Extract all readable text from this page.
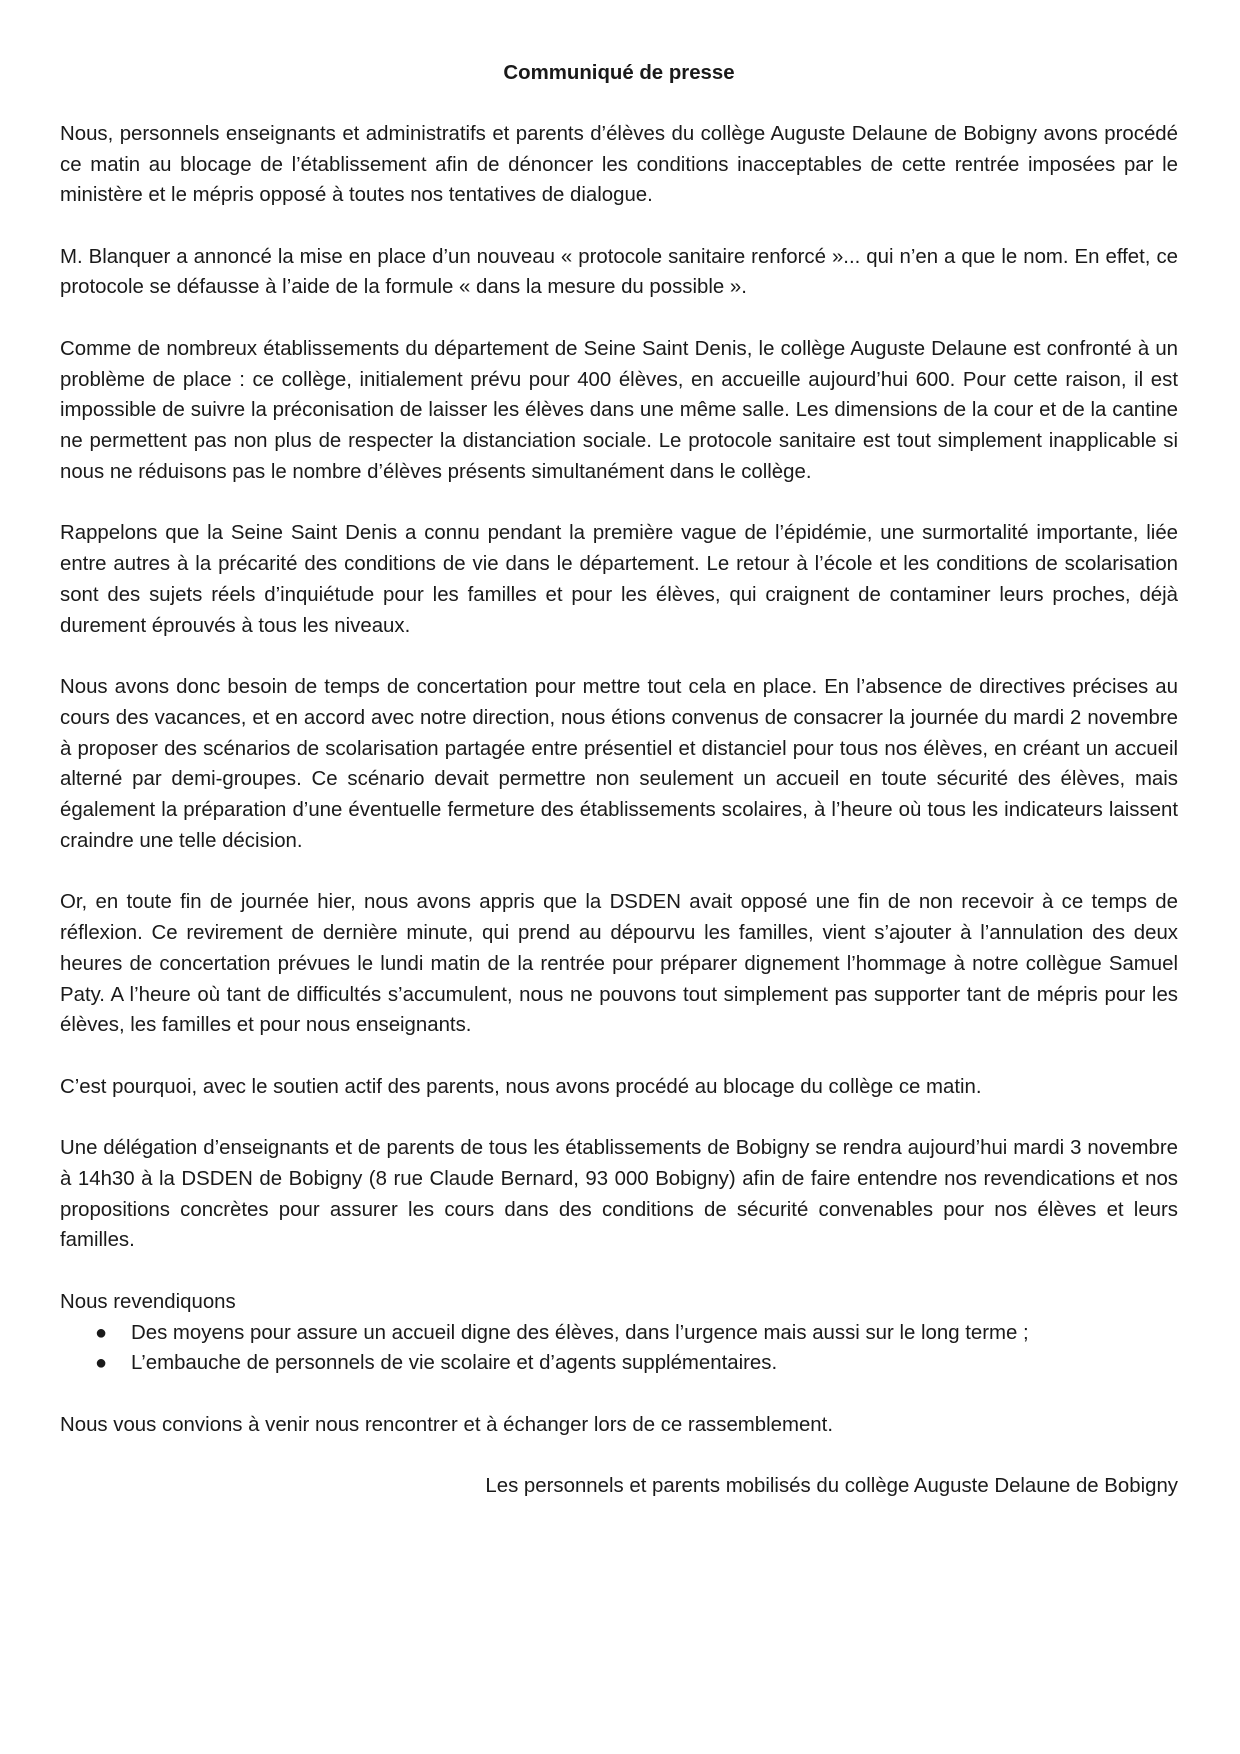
Communiqué de presse

Nous, personnels enseignants et administratifs et parents d’élèves du collège Auguste Delaune de Bobigny avons procédé ce matin au blocage de l’établissement afin de dénoncer les conditions inacceptables de cette rentrée imposées par le ministère et le mépris opposé à toutes nos tentatives de dialogue.

M. Blanquer a annoncé la mise en place d’un nouveau « protocole sanitaire renforcé »... qui n’en a que le nom. En effet, ce protocole se défausse à l’aide de la formule « dans la mesure du possible ».

Comme de nombreux établissements du département de Seine Saint Denis, le collège Auguste Delaune est confronté à un problème de place : ce collège, initialement prévu pour 400 élèves, en accueille aujourd’hui 600. Pour cette raison, il est impossible de suivre la préconisation de laisser les élèves dans une même salle. Les dimensions de la cour et de la cantine ne permettent pas non plus de respecter la distanciation sociale. Le protocole sanitaire est tout simplement inapplicable si nous ne réduisons pas le nombre d’élèves présents simultanément dans le collège.

Rappelons que la Seine Saint Denis a connu pendant la première vague de l’épidémie, une surmortalité importante, liée entre autres à la précarité des conditions de vie dans le département. Le retour à l’école et les conditions de scolarisation sont des sujets réels d’inquiétude pour les familles et pour les élèves, qui craignent de contaminer leurs proches, déjà durement éprouvés à tous les niveaux.

Nous avons donc besoin de temps de concertation pour mettre tout cela en place. En l’absence de directives précises au cours des vacances, et en accord avec notre direction, nous étions convenus de consacrer la journée du mardi 2 novembre à proposer des scénarios de scolarisation partagée entre présentiel et distanciel pour tous nos élèves, en créant un accueil alterné par demi-groupes. Ce scénario devait permettre non seulement un accueil en toute sécurité des élèves, mais également la préparation d’une éventuelle fermeture des établissements scolaires, à l’heure où tous les indicateurs laissent craindre une telle décision.

Or, en toute fin de journée hier, nous avons appris que la DSDEN avait opposé une fin de non recevoir à ce temps de réflexion. Ce revirement de dernière minute, qui prend au dépourvu les familles, vient s’ajouter à l’annulation des deux heures de concertation prévues le lundi matin de la rentrée pour préparer dignement l’hommage à notre collègue Samuel Paty. A l’heure où tant de difficultés s’accumulent, nous ne pouvons tout simplement pas supporter tant de mépris pour les élèves, les familles et pour nous enseignants.

C’est pourquoi, avec le soutien actif des parents, nous avons procédé au blocage du collège ce matin.

Une délégation d’enseignants et de parents de tous les établissements de Bobigny se rendra aujourd’hui mardi 3 novembre à 14h30 à la DSDEN de Bobigny (8 rue Claude Bernard, 93 000 Bobigny) afin de faire entendre nos revendications et nos propositions concrètes pour assurer les cours dans des conditions de sécurité convenables pour nos élèves et leurs familles.

Nous revendiquons

● Des moyens pour assure un accueil digne des élèves, dans l’urgence mais aussi sur le long terme ;
● L’embauche de personnels de vie scolaire et d’agents supplémentaires.

Nous vous convions à venir nous rencontrer et à échanger lors de ce rassemblement.

Les personnels et parents mobilisés du collège Auguste Delaune de Bobigny
